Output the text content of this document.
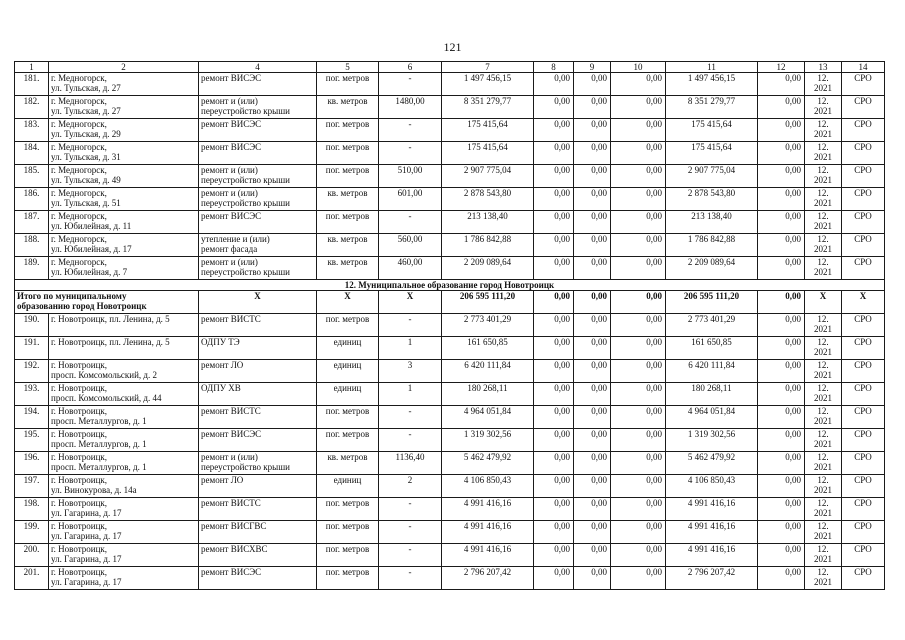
121
1	2	4	5	6	7	8	9	10	11	12	13	14
181.	г. Медногорск,
ул. Тульская, д. 27	ремонт ВИСЭС	пог. метров	-	1 497 456,15	0,00	0,00	0,00	1 497 456,15	0,00	12.
2021	СРО
182.	г. Медногорск,
ул. Тульская, д. 27	ремонт и (или)
переустройство крыши	кв. метров	1480,00	8 351 279,77	0,00	0,00	0,00	8 351 279,77	0,00	12.
2021	СРО
183.	г. Медногорск,
ул. Тульская, д. 29	ремонт ВИСЭС	пог. метров	-	175 415,64	0,00	0,00	0,00	175 415,64	0,00	12.
2021	СРО
184.	г. Медногорск,
ул. Тульская, д. 31	ремонт ВИСЭС	пог. метров	-	175 415,64	0,00	0,00	0,00	175 415,64	0,00	12.
2021	СРО
185.	г. Медногорск,
ул. Тульская, д. 49	ремонт и (или)
переустройство крыши	пог. метров	510,00	2 907 775,04	0,00	0,00	0,00	2 907 775,04	0,00	12.
2021	СРО
186.	г. Медногорск,
ул. Тульская, д. 51	ремонт и (или)
переустройство крыши	кв. метров	601,00	2 878 543,80	0,00	0,00	0,00	2 878 543,80	0,00	12.
2021	СРО
187.	г. Медногорск,
ул. Юбилейная, д. 11	ремонт ВИСЭС	пог. метров	-	213 138,40	0,00	0,00	0,00	213 138,40	0,00	12.
2021	СРО
188.	г. Медногорск,
ул. Юбилейная, д. 17	утепление и (или)
ремонт фасада	кв. метров	560,00	1 786 842,88	0,00	0,00	0,00	1 786 842,88	0,00	12.
2021	СРО
189.	г. Медногорск,
ул. Юбилейная, д. 7	ремонт и (или)
переустройство крыши	кв. метров	460,00	2 209 089,64	0,00	0,00	0,00	2 209 089,64	0,00	12.
2021	СРО
12. Муниципальное образование город Новотроицк												
Итого по муниципальному
образованию город Новотроицк		X	X	X	206 595 111,20	0,00	0,00	0,00	206 595 111,20	0,00	X	X
190.	г. Новотроицк, пл. Ленина, д. 5	ремонт ВИСТС	пог. метров	-	2 773 401,29	0,00	0,00	0,00	2 773 401,29	0,00	12.
2021	СРО
191.	г. Новотроицк, пл. Ленина, д. 5	ОДПУ ТЭ	единиц	1	161 650,85	0,00	0,00	0,00	161 650,85	0,00	12.
2021	СРО
192.	г. Новотроицк,
просп. Комсомольский, д. 2	ремонт ЛО	единиц	3	6 420 111,84	0,00	0,00	0,00	6 420 111,84	0,00	12.
2021	СРО
193.	г. Новотроицк,
просп. Комсомольский, д. 44	ОДПУ ХВ	единиц	1	180 268,11	0,00	0,00	0,00	180 268,11	0,00	12.
2021	СРО
194.	г. Новотроицк,
просп. Металлургов, д. 1	ремонт ВИСТС	пог. метров	-	4 964 051,84	0,00	0,00	0,00	4 964 051,84	0,00	12.
2021	СРО
195.	г. Новотроицк,
просп. Металлургов, д. 1	ремонт ВИСЭС	пог. метров	-	1 319 302,56	0,00	0,00	0,00	1 319 302,56	0,00	12.
2021	СРО
196.	г. Новотроицк,
просп. Металлургов, д. 1	ремонт и (или)
переустройство крыши	кв. метров	1136,40	5 462 479,92	0,00	0,00	0,00	5 462 479,92	0,00	12.
2021	СРО
197.	г. Новотроицк,
ул. Винокурова, д. 14а	ремонт ЛО	единиц	2	4 106 850,43	0,00	0,00	0,00	4 106 850,43	0,00	12.
2021	СРО
198.	г. Новотроицк,
ул. Гагарина, д. 17	ремонт ВИСТС	пог. метров	-	4 991 416,16	0,00	0,00	0,00	4 991 416,16	0,00	12.
2021	СРО
199.	г. Новотроицк,
ул. Гагарина, д. 17	ремонт ВИСГВС	пог. метров	-	4 991 416,16	0,00	0,00	0,00	4 991 416,16	0,00	12.
2021	СРО
200.	г. Новотроицк,
ул. Гагарина, д. 17	ремонт ВИСХВС	пог. метров	-	4 991 416,16	0,00	0,00	0,00	4 991 416,16	0,00	12.
2021	СРО
201.	г. Новотроицк,
ул. Гагарина, д. 17	ремонт ВИСЭС	пог. метров	-	2 796 207,42	0,00	0,00	0,00	2 796 207,42	0,00	12.
2021	СРО
